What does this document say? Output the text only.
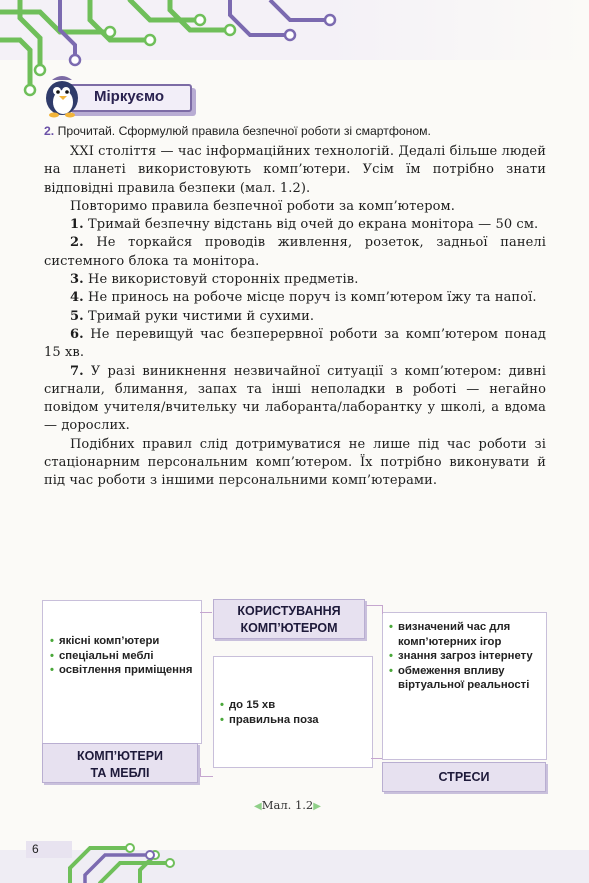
Міркуємо
2. Прочитай. Сформулюй правила безпечної роботи зі смартфоном.

XXI століття — час інформаційних технологій. Дедалі більше людей на планеті використовують комп’ютери. Усім їм потрібно знати відповідні правила безпеки (мал. 1.2).

Повторимо правила безпечної роботи за комп’ютером.

1. Тримай безпечну відстань від очей до екрана монітора — 50 см.

2. Не торкайся проводів живлення, розеток, задньої панелі системного блока та монітора.

3. Не використовуй сторонніх предметів.

4. Не принось на робоче місце поруч із комп’ютером їжу та напої.

5. Тримай руки чистими й сухими.

6. Не перевищуй час безперервної роботи за комп’ютером понад 15 хв.

7. У разі виникнення незвичайної ситуації з комп’ютером: дивні сигнали, блимання, запах та інші неполадки в роботі — негайно повідом учителя/вчительку чи лаборанта/лаборантку у школі, а вдома — дорослих.

Подібних правил слід дотримуватися не лише під час роботи зі стаціонарним персональним комп’ютером. Їх потрібно виконувати й під час роботи з іншими персональними комп’ютерами.

• якісні комп’ютери
• спеціальні меблі
• освітлення приміщення
КОМП’ЮТЕРИ
ТА МЕБЛІ
КОРИСТУВАННЯ
КОМП’ЮТЕРОМ
• до 15 хв
• правильна поза
• визначений час для комп’ютерних ігор
• знання загроз інтернету
• обмеження впливу віртуальної реальності
СТРЕСИ
◀Мал. 1.2▶
6
